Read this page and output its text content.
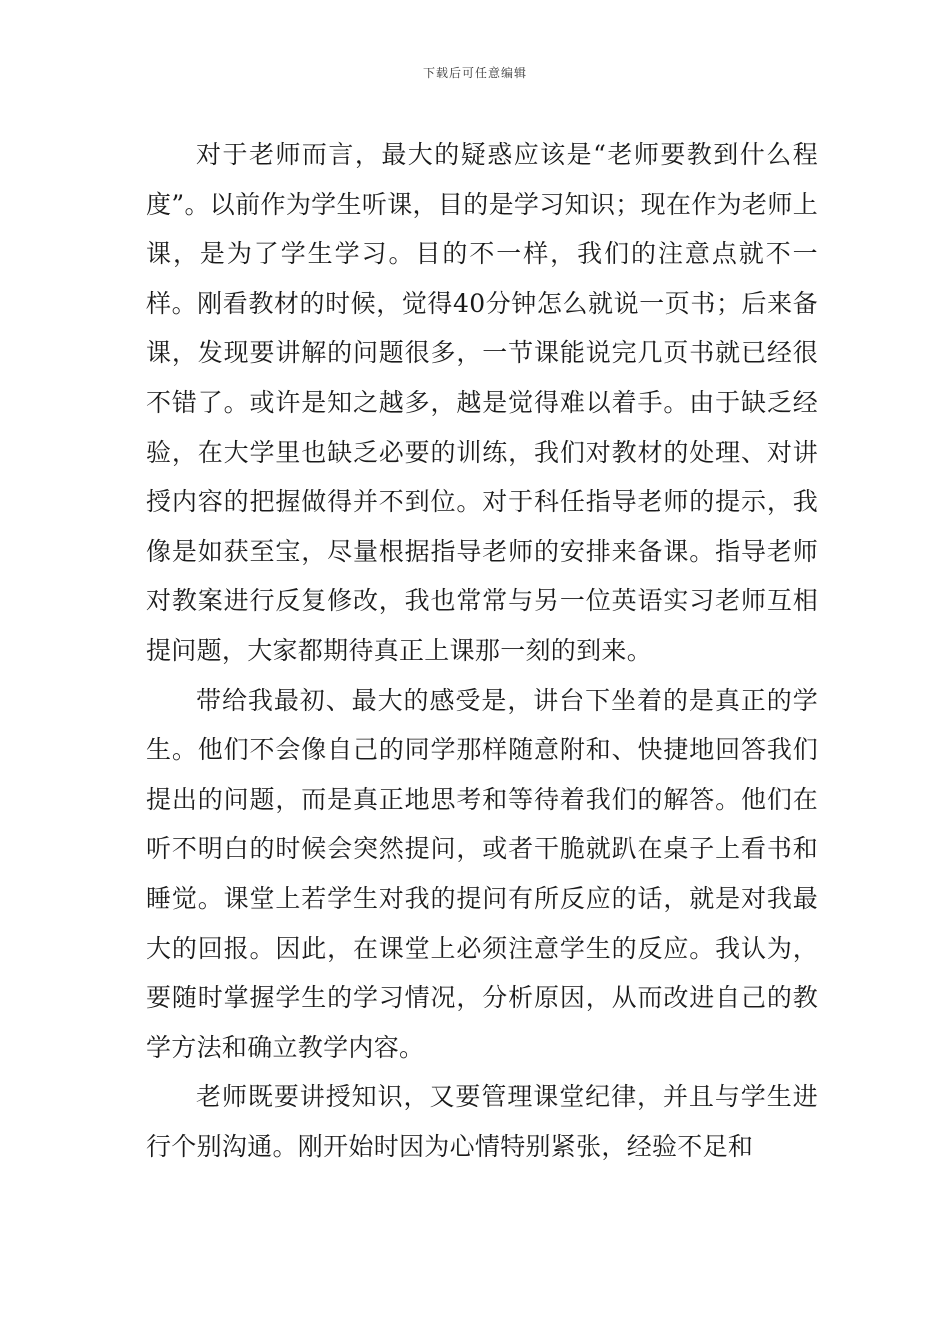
下载后可任意编辑

对于老师而言，最大的疑惑应该是“老师要教到什么程度”。以前作为学生听课，目的是学习知识；现在作为老师上课，是为了学生学习。目的不一样，我们的注意点就不一样。刚看教材的时候，觉得40分钟怎么就说一页书；后来备课，发现要讲解的问题很多，一节课能说完几页书就已经很不错了。或许是知之越多，越是觉得难以着手。由于缺乏经验，在大学里也缺乏必要的训练，我们对教材的处理、对讲授内容的把握做得并不到位。对于科任指导老师的提示，我像是如获至宝，尽量根据指导老师的安排来备课。指导老师对教案进行反复修改，我也常常与另一位英语实习老师互相提问题，大家都期待真正上课那一刻的到来。

带给我最初、最大的感受是，讲台下坐着的是真正的学生。他们不会像自己的同学那样随意附和、快捷地回答我们提出的问题，而是真正地思考和等待着我们的解答。他们在听不明白的时候会突然提问，或者干脆就趴在桌子上看书和睡觉。课堂上若学生对我的提问有所反应的话，就是对我最大的回报。因此，在课堂上必须注意学生的反应。我认为，要随时掌握学生的学习情况，分析原因，从而改进自己的教学方法和确立教学内容。

老师既要讲授知识，又要管理课堂纪律，并且与学生进行个别沟通。刚开始时因为心情特别紧张，经验不足和
